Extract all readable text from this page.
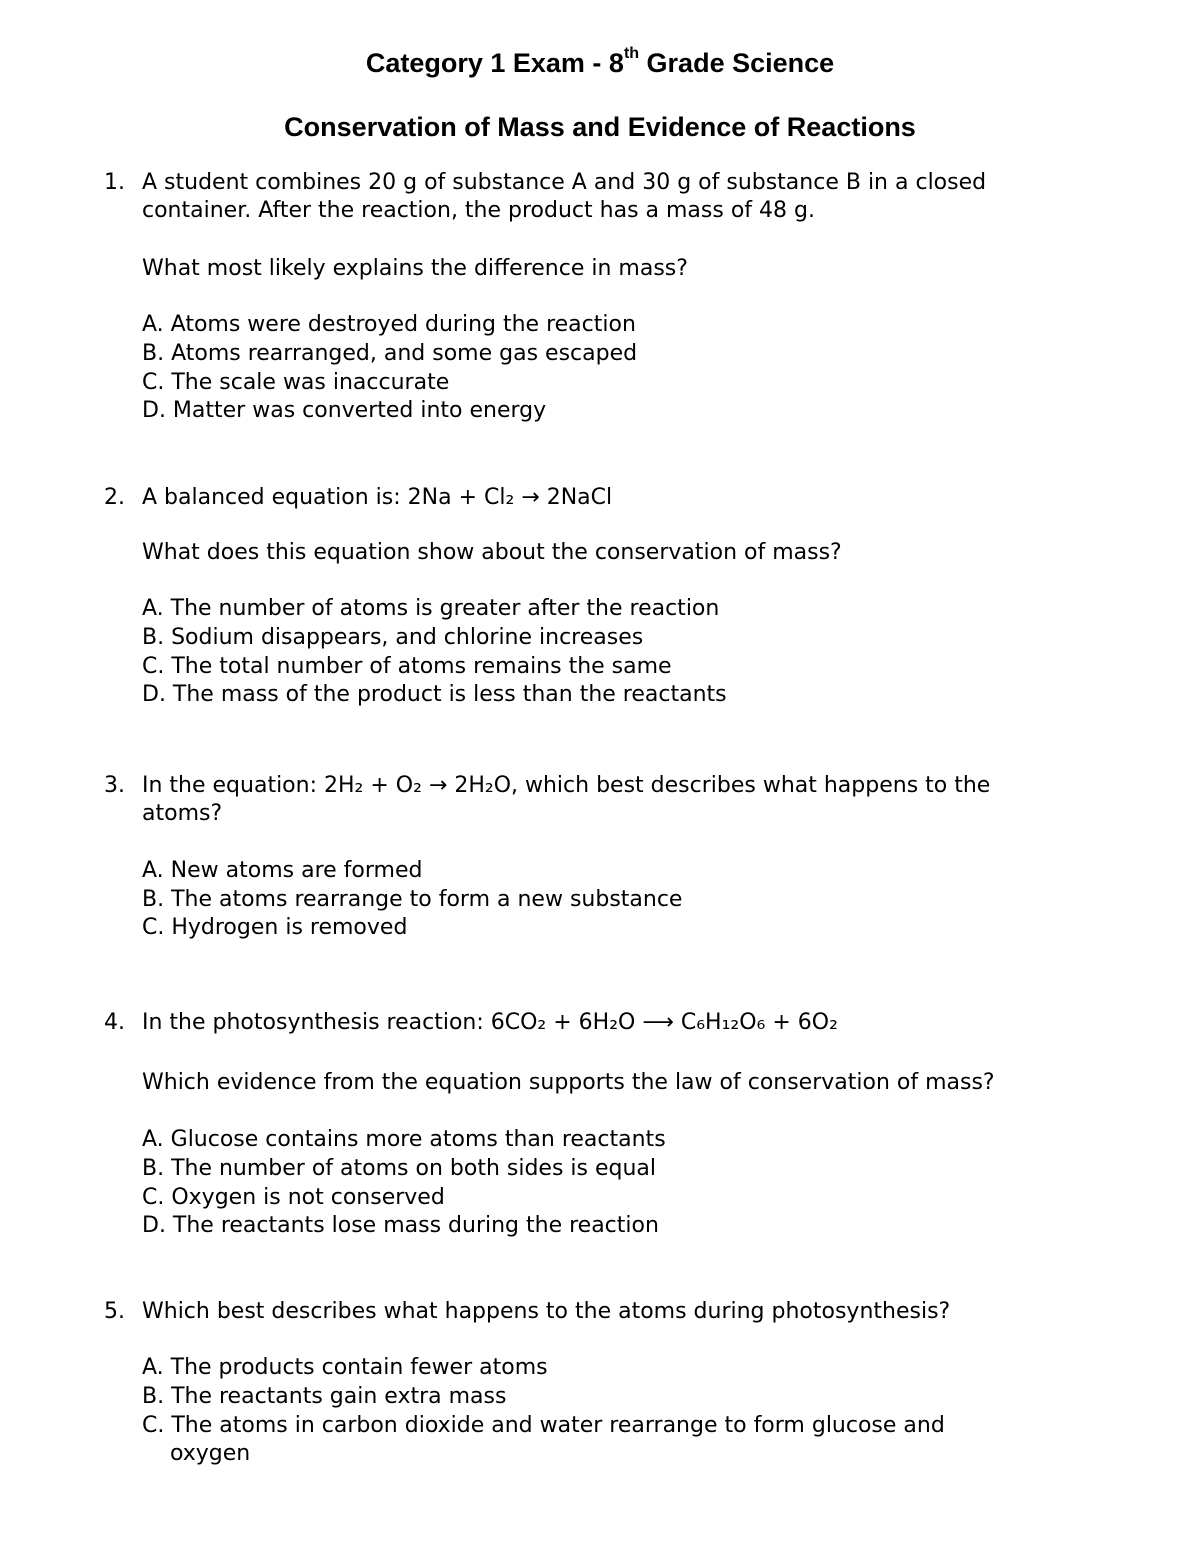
Category 1 Exam - 8th Grade Science
Conservation of Mass and Evidence of Reactions
1. A student combines 20 g of substance A and 30 g of substance B in a closed
container. After the reaction, the product has a mass of 48 g.
What most likely explains the difference in mass?
A. Atoms were destroyed during the reaction
B. Atoms rearranged, and some gas escaped
C. The scale was inaccurate
D. Matter was converted into energy
2. A balanced equation is: 2Na + Cl₂ → 2NaCl
What does this equation show about the conservation of mass?
A. The number of atoms is greater after the reaction
B. Sodium disappears, and chlorine increases
C. The total number of atoms remains the same
D. The mass of the product is less than the reactants
3. In the equation: 2H₂ + O₂ → 2H₂O, which best describes what happens to the
atoms?
A. New atoms are formed
B. The atoms rearrange to form a new substance
C. Hydrogen is removed
4. In the photosynthesis reaction: 6CO₂ + 6H₂O ⟶ C₆H₁₂O₆ + 6O₂
Which evidence from the equation supports the law of conservation of mass?
A. Glucose contains more atoms than reactants
B. The number of atoms on both sides is equal
C. Oxygen is not conserved
D. The reactants lose mass during the reaction
5. Which best describes what happens to the atoms during photosynthesis?
A. The products contain fewer atoms
B. The reactants gain extra mass
C. The atoms in carbon dioxide and water rearrange to form glucose and
oxygen
